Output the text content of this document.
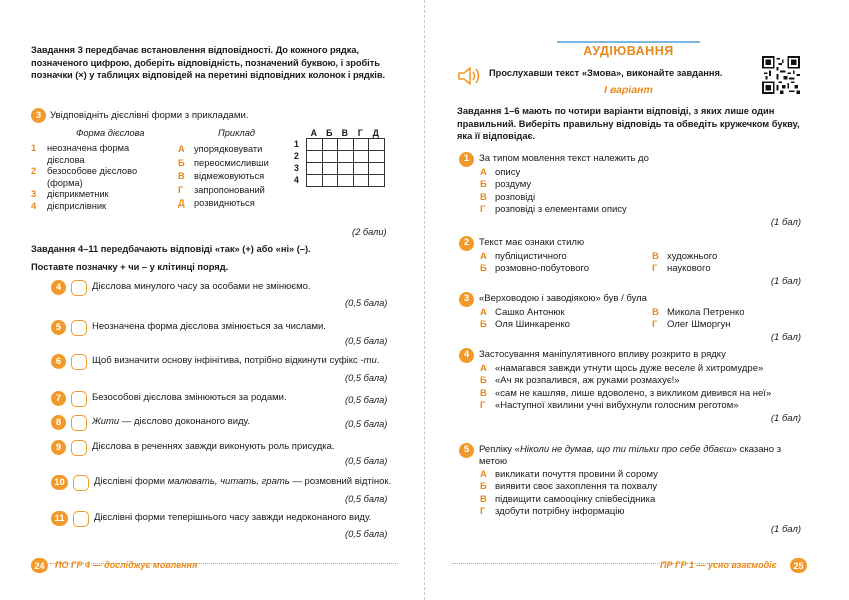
Завдання 3 передбачає встановлення відповідності. До кожного рядка, позначеного цифрою, доберіть відповідність, позначений буквою, і зробіть позначки (×) у таблицях відповідей на перетині відповідних колонок і рядків.
3 Увідповідніть дієслівні форми з прикладами.
Форма дієслова	Приклад
1	неозначена форма дієслова
2	безособове дієслово (форма)
3	дієприкметник
4	дієприслівник
А упорядковувати
Б	переосмисливши
В відмежовуються
Г	запропонований
Д	розвиднються
А	Б	В	Г	Д
1
2
3
4

(2 бали)
Завдання 4–11 передбачають відповіді «так» (+) або «ні» (–).
Поставте позначку + чи – у клітинці поряд.
4	Дієслова минулого часу за особами не змінюємо.
(0,5 бала)
5	Неозначена форма дієслова змінюється за числами.
(0,5 бала)
6	Щоб визначити основу інфінітива, потрібно відкинути суфікс -ти.
(0,5 бала)
7	Безособові дієслова змінюються за родами.	(0,5 бала)
8	Жити — дієслово доконаного виду.	(0,5 бала)
9	Дієслова в реченнях завжди виконують роль присудка.
(0,5 бала)
10	Дієслівні форми малювать, читать, грать — розмовний відтінок.
(0,5 бала)
11	Дієслівні форми теперішнього часу завжди недоконаного виду.
(0,5 бала)
24	ПО ГР 4 — досліджує мовлення
АУДІЮВАННЯ
Прослухавши текст «Змова», виконайте завдання.
I варіант
Завдання 1–6 мають по чотири варіанти відповіді, з яких лише один правильний. Виберіть правильну відповідь та обведіть кружечком букву, яка її відповідає.
1	За типом мовлення текст належить до
А опису
Б роздуму
В розповіді
Г	розповіді з елементами опису
(1 бал)
2	Текст має ознаки стилю
А публіцистичного	В художнього
Б розмовно-побутового	Г	наукового
(1 бал)
3	«Верховодою і заводіякою» був / була
А Сашко Антонюк	В Микола Петренко
Б Оля Шинкаренко	Г	Олег Шморгун
(1 бал)
4	Застосування маніпулятивного впливу розкрито в рядку
А «намагався завжди утнути щось дуже веселе й хитромудре»
Б «Ач як розпалився, аж руками розмахує!»
В «сам не кашляв, лише вдоволено, з викликом дивився на неї»
Г	«Наступної хвилини учні вибухнули голосним реготом»
(1 бал)
5	Репліку «Ніколи не думав, що ти тільки про себе дбаєш» сказано з метою
А викликати почуття провини й сорому
Б виявити своє захоплення та похвалу
В підвищити самооцінку співбесідника
Г	здобути потрібну інформацію
(1 бал)
ПР ГР 1 — усно взаємодіє	25
